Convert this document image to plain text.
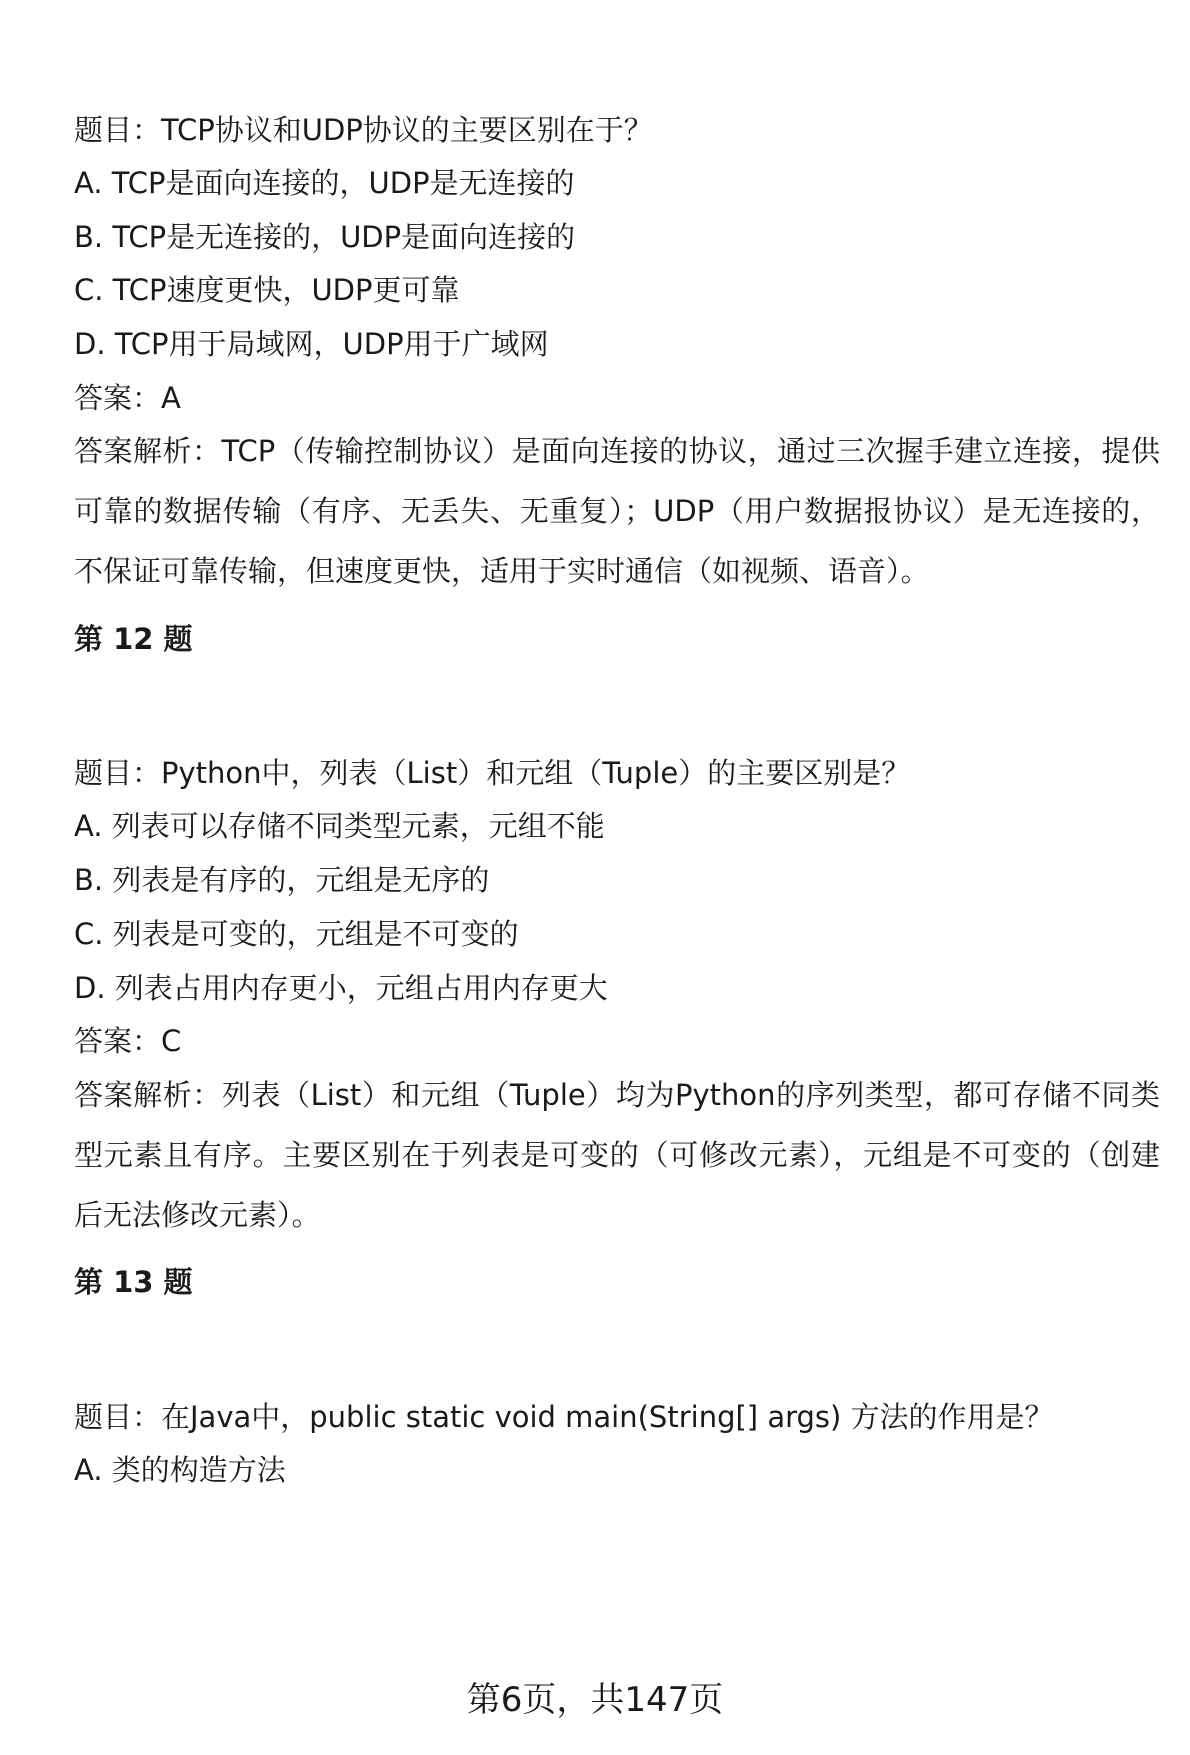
题目：TCP协议和UDP协议的主要区别在于？
A. TCP是面向连接的，UDP是无连接的
B. TCP是无连接的，UDP是面向连接的
C. TCP速度更快，UDP更可靠
D. TCP用于局域网，UDP用于广域网
答案：A
答案解析：TCP（传输控制协议）是面向连接的协议，通过三次握手建立连接，提供可靠的数据传输（有序、无丢失、无重复）；UDP（用户数据报协议）是无连接的，不保证可靠传输，但速度更快，适用于实时通信（如视频、语音）。
第 12 题
题目：Python中，列表（List）和元组（Tuple）的主要区别是？
A. 列表可以存储不同类型元素，元组不能
B. 列表是有序的，元组是无序的
C. 列表是可变的，元组是不可变的
D. 列表占用内存更小，元组占用内存更大
答案：C
答案解析：列表（List）和元组（Tuple）均为Python的序列类型，都可存储不同类型元素且有序。主要区别在于列表是可变的（可修改元素），元组是不可变的（创建后无法修改元素）。
第 13 题
题目：在Java中，public static void main(String[] args) 方法的作用是？
A. 类的构造方法
第6页，共147页
